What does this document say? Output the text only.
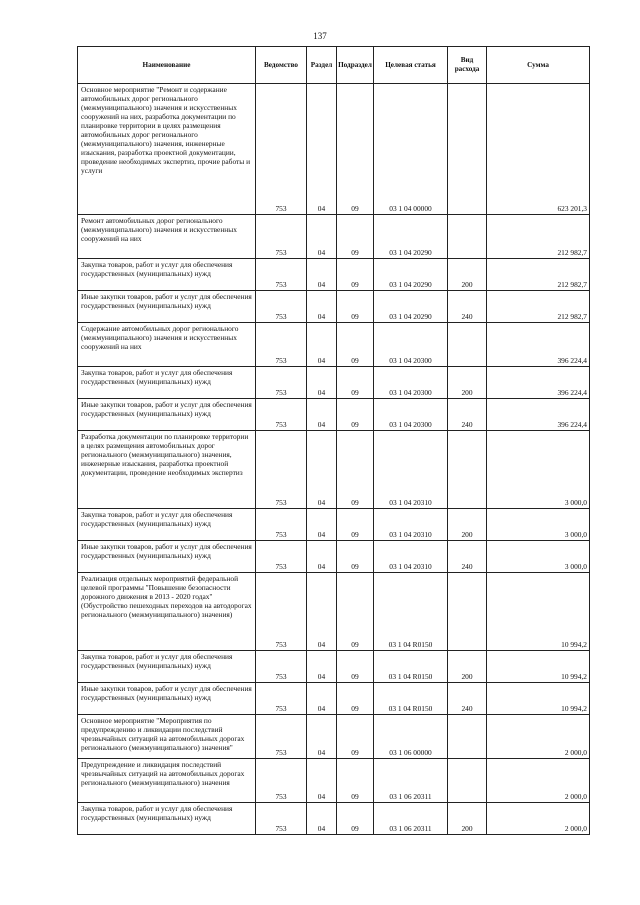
137
Наименование	Ведомство	Раздел	Подраздел	Целевая статья	Вид расхода	Сумма
Основное мероприятие "Ремонт и содержание автомобильных дорог регионального (межмуниципального) значения и искусственных сооружений на них, разработка документации по планировке территории в целях размещения автомобильных дорог регионального (межмуниципального) значения, инженерные изыскания, разработка проектной документации, проведение необходимых экспертиз, прочие работы и услуги	753	04	09	03 1 04 00000		623 201,3
Ремонт автомобильных дорог регионального (межмуниципального) значения и искусственных сооружений на них	753	04	09	03 1 04 20290		212 982,7
Закупка товаров, работ и услуг для обеспечения государственных (муниципальных) нужд	753	04	09	03 1 04 20290	200	212 982,7
Иные закупки товаров, работ и услуг для обеспечения государственных (муниципальных) нужд	753	04	09	03 1 04 20290	240	212 982,7
Содержание автомобильных дорог регионального (межмуниципального) значения и искусственных сооружений на них	753	04	09	03 1 04 20300		396 224,4
Закупка товаров, работ и услуг для обеспечения государственных (муниципальных) нужд	753	04	09	03 1 04 20300	200	396 224,4
Иные закупки товаров, работ и услуг для обеспечения государственных (муниципальных) нужд	753	04	09	03 1 04 20300	240	396 224,4
Разработка документации по планировке территории в целях размещения автомобильных дорог регионального (межмуниципального) значения, инженерные изыскания, разработка проектной документации, проведение необходимых экспертиз	753	04	09	03 1 04 20310		3 000,0
Закупка товаров, работ и услуг для обеспечения государственных (муниципальных) нужд	753	04	09	03 1 04 20310	200	3 000,0
Иные закупки товаров, работ и услуг для обеспечения государственных (муниципальных) нужд	753	04	09	03 1 04 20310	240	3 000,0
Реализация отдельных мероприятий федеральной целевой программы "Повышение безопасности дорожного движения в 2013 - 2020 годах" (Обустройство пешеходных переходов на автодорогах регионального (межмуниципального) значения)	753	04	09	03 1 04 R0150		10 994,2
Закупка товаров, работ и услуг для обеспечения государственных (муниципальных) нужд	753	04	09	03 1 04 R0150	200	10 994,2
Иные закупки товаров, работ и услуг для обеспечения государственных (муниципальных) нужд	753	04	09	03 1 04 R0150	240	10 994,2
Основное мероприятие "Мероприятия по предупреждению и ликвидации последствий чрезвычайных ситуаций на автомобильных дорогах регионального (межмуниципального) значения"	753	04	09	03 1 06 00000		2 000,0
Предупреждение и ликвидация последствий чрезвычайных ситуаций на автомобильных дорогах регионального (межмуниципального) значения	753	04	09	03 1 06 20311		2 000,0
Закупка товаров, работ и услуг для обеспечения государственных (муниципальных) нужд	753	04	09	03 1 06 20311	200	2 000,0
